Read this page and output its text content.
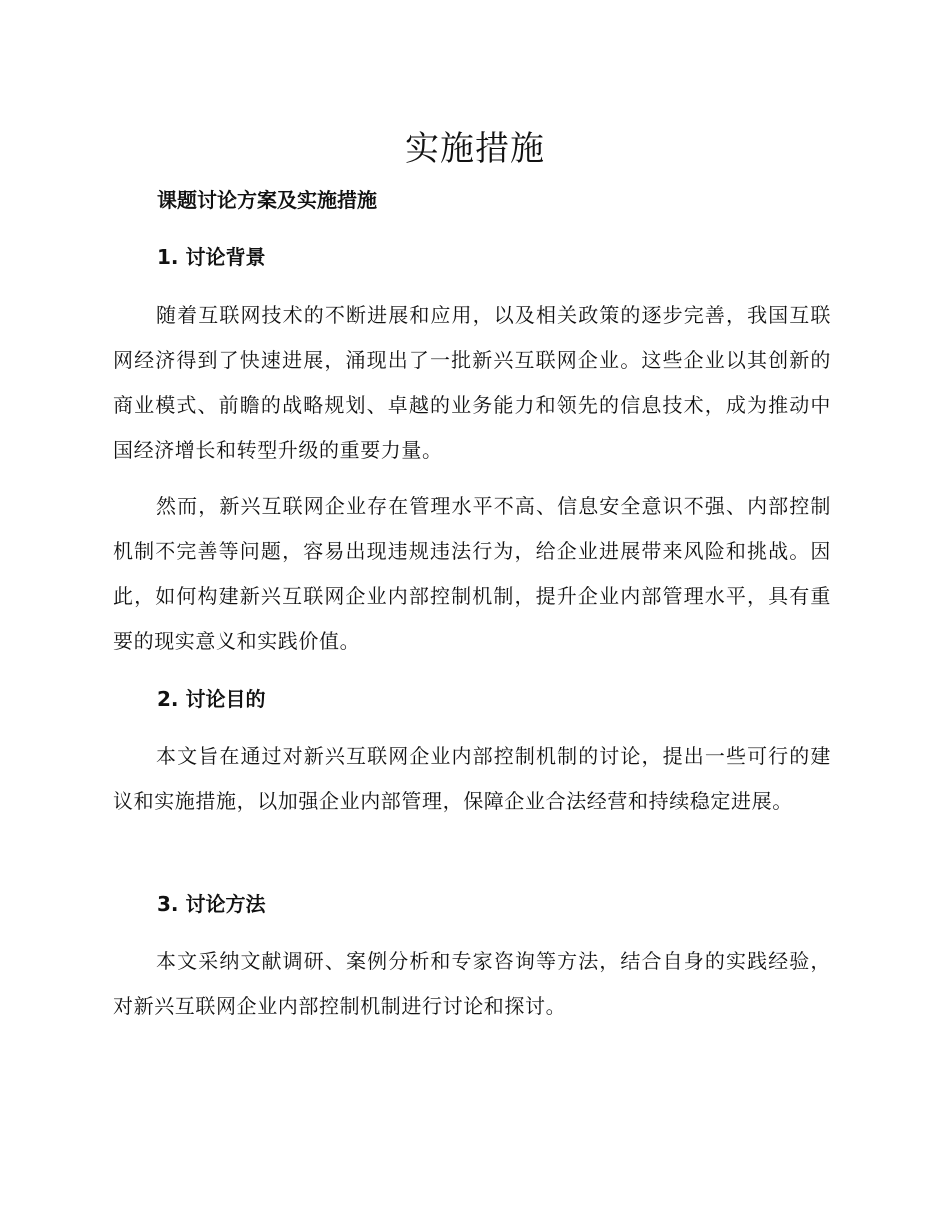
实施措施
课题讨论方案及实施措施
1. 讨论背景

随着互联网技术的不断进展和应用，以及相关政策的逐步完善，我国互联网经济得到了快速进展，涌现出了一批新兴互联网企业。这些企业以其创新的商业模式、前瞻的战略规划、卓越的业务能力和领先的信息技术，成为推动中国经济增长和转型升级的重要力量。

然而，新兴互联网企业存在管理水平不高、信息安全意识不强、内部控制机制不完善等问题，容易出现违规违法行为，给企业进展带来风险和挑战。因此，如何构建新兴互联网企业内部控制机制，提升企业内部管理水平，具有重要的现实意义和实践价值。

2. 讨论目的

本文旨在通过对新兴互联网企业内部控制机制的讨论，提出一些可行的建议和实施措施，以加强企业内部管理，保障企业合法经营和持续稳定进展。

3. 讨论方法

本文采纳文献调研、案例分析和专家咨询等方法，结合自身的实践经验，对新兴互联网企业内部控制机制进行讨论和探讨。
